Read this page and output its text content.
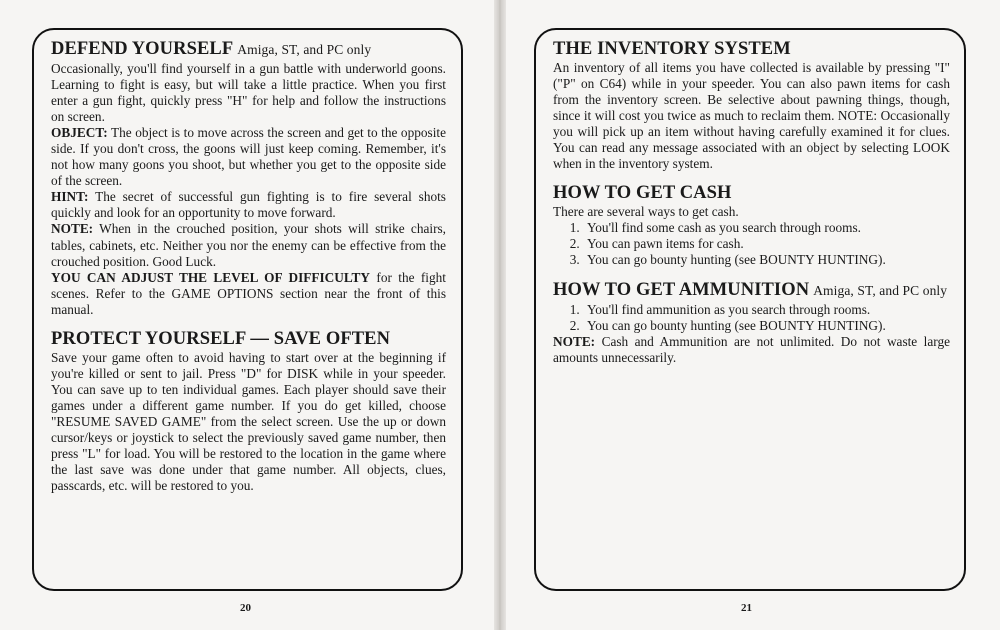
DEFEND YOURSELF Amiga, ST, and PC only

Occasionally, you'll find yourself in a gun battle with underworld goons. Learning to fight is easy, but will take a little practice. When you first enter a gun fight, quickly press "H" for help and follow the instructions on screen.

OBJECT: The object is to move across the screen and get to the opposite side. If you don't cross, the goons will just keep coming. Remember, it's not how many goons you shoot, but whether you get to the opposite side of the screen.

HINT: The secret of successful gun fighting is to fire several shots quickly and look for an opportunity to move forward.

NOTE: When in the crouched position, your shots will strike chairs, tables, cabinets, etc. Neither you nor the enemy can be effective from the crouched position. Good Luck.

YOU CAN ADJUST THE LEVEL OF DIFFICULTY for the fight scenes. Refer to the GAME OPTIONS section near the front of this manual.

PROTECT YOURSELF — SAVE OFTEN

Save your game often to avoid having to start over at the beginning if you're killed or sent to jail. Press "D" for DISK while in your speeder. You can save up to ten individual games. Each player should save their games under a different game number. If you do get killed, choose "RESUME SAVED GAME" from the select screen. Use the up or down cursor/keys or joystick to select the previously saved game number, then press "L" for load. You will be restored to the location in the game where the last save was done under that game number. All objects, clues, passcards, etc. will be restored to you.

THE INVENTORY SYSTEM

An inventory of all items you have collected is available by pressing "I" ("P" on C64) while in your speeder. You can also pawn items for cash from the inventory screen. Be selective about pawning things, though, since it will cost you twice as much to reclaim them. NOTE: Occasionally you will pick up an item without having carefully examined it for clues. You can read any message associated with an object by selecting LOOK when in the inventory system.

HOW TO GET CASH

There are several ways to get cash.

1. You'll find some cash as you search through rooms.
2. You can pawn items for cash.
3. You can go bounty hunting (see BOUNTY HUNTING).
HOW TO GET AMMUNITION Amiga, ST, and PC only
1. You'll find ammunition as you search through rooms.
2. You can go bounty hunting (see BOUNTY HUNTING).

NOTE: Cash and Ammunition are not unlimited. Do not waste large amounts unnecessarily.

20	21
